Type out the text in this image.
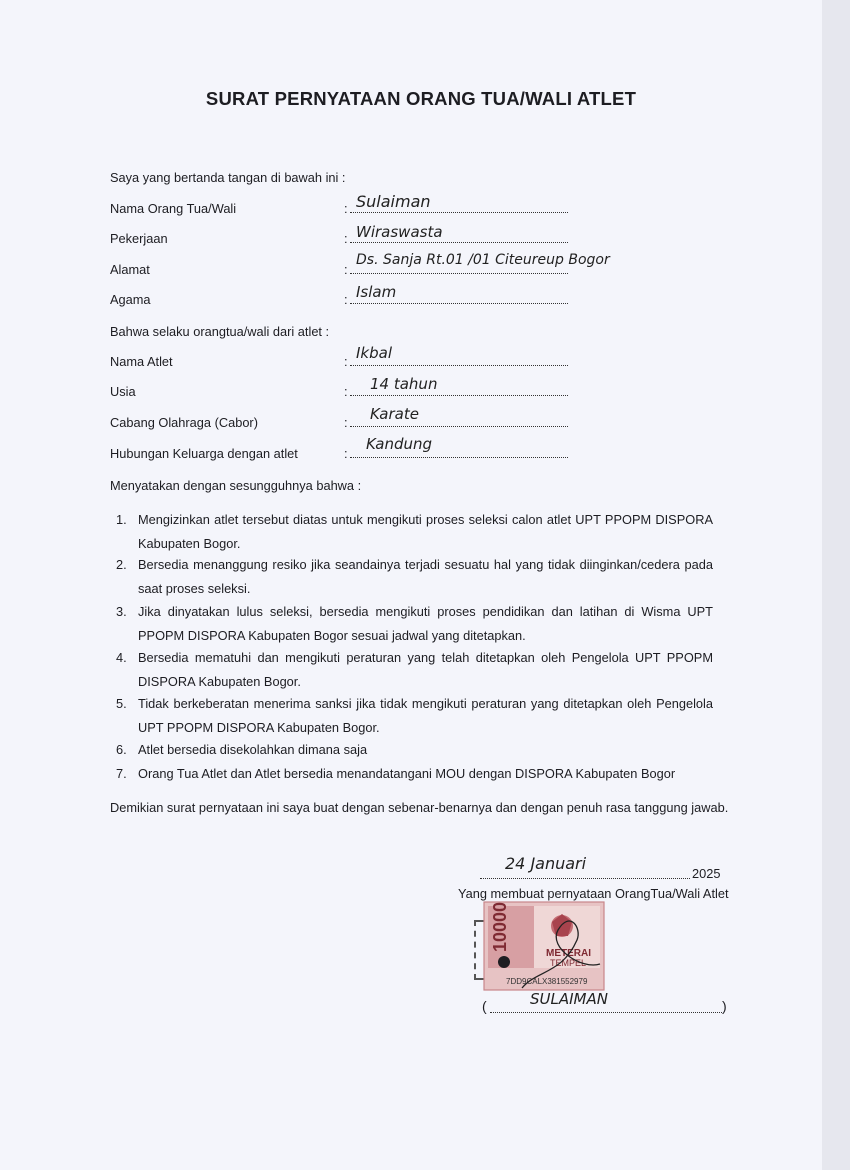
SURAT PERNYATAAN ORANG TUA/WALI ATLET
Saya yang bertanda tangan di bawah ini :
Nama Orang Tua/Wali	: Sulaiman
Pekerjaan	: Wiraswasta
Alamat	:
Ds. Sanja Rt.01 /01 Citeureup Bogor
Agama	: Islam
Bahwa selaku orangtua/wali dari atlet :
Nama Atlet	: Ikbal
Usia	: 14 tahun
Cabang Olahraga (Cabor)	: Karate
Hubungan Keluarga dengan atlet	:
Kandung
Menyatakan dengan sesungguhnya bahwa :
1. Mengizinkan atlet tersebut diatas untuk mengikuti proses seleksi calon atlet UPT PPOPM DISPORA Kabupaten Bogor.
2. Bersedia menanggung resiko jika seandainya terjadi sesuatu hal yang tidak diinginkan/cedera pada saat proses seleksi.
3. Jika dinyatakan lulus seleksi, bersedia mengikuti proses pendidikan dan latihan di Wisma UPT PPOPM DISPORA Kabupaten Bogor sesuai jadwal yang ditetapkan.
4. Bersedia mematuhi dan mengikuti peraturan yang telah ditetapkan oleh Pengelola UPT PPOPM DISPORA Kabupaten Bogor.
5. Tidak berkeberatan menerima sanksi jika tidak mengikuti peraturan yang ditetapkan oleh Pengelola UPT PPOPM DISPORA Kabupaten Bogor.
6. Atlet bersedia disekolahkan dimana saja
7. Orang Tua Atlet dan Atlet bersedia menandatangani MOU dengan DISPORA Kabupaten Bogor
Demikian surat pernyataan ini saya buat dengan sebenar-benarnya dan dengan penuh rasa tanggung jawab.
24 Januari
2025
Yang membuat pernyataan OrangTua/Wali Atlet
10000
METERAI
TEMPEL
7DD9CALX381552979
(	)
SULAIMAN
